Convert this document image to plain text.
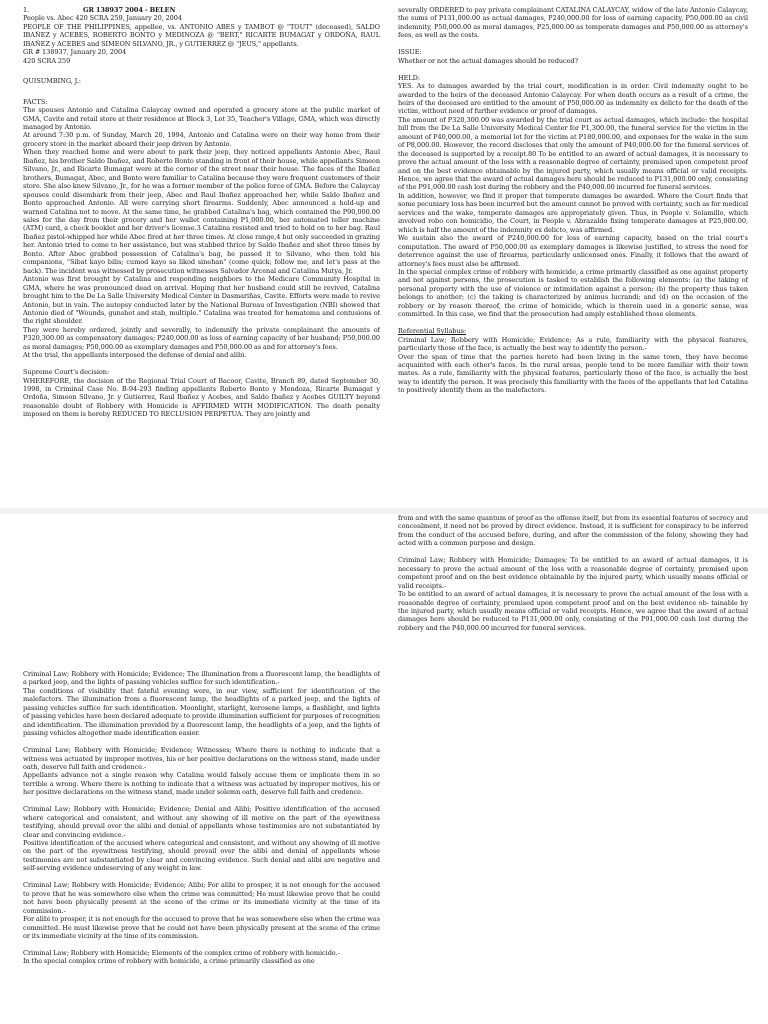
1.	GR 138937 2004 - BELEN

People vs. Abec 420 SCRA 259, January 20, 2004

PEOPLE OF THE PHILIPPINES, appellee, vs. ANTONIO ABES y TAMBOT @ "TOUT" (deceased), SALDO IBAÑEZ y ACEBES, ROBERTO BONTO y MEDINOZA @ "BERT," RICARTE BUMAGAT y ORDOÑA, RAUL IBAÑEZ y ACEBES and SIMEON SILVANO, JR., y GUTIERREZ @ "JEUS," appellants.

GR # 138937, January 20, 2004

420 SCRA 259

QUISUMBING, J.:

FACTS:

The spouses Antonio and Catalina Calaycay owned and operated a grocery store at the public market of GMA, Cavite and retail store at their residence at Block 3, Lot 35, Teacher's Village, GMA, which was directly managed by Antonio.

At around 7:30 p.m. of Sunday, March 20, 1994, Antonio and Catalina were on their way home from their grocery store in the market aboard their jeep driven by Antonio.

When they reached home and were about to park their jeep, they noticed appellants Antonio Abec, Raul Ibañez, his brother Saldo Ibañez, and Roberto Bonto standing in front of their house, while appellants Simeon Silvano, Jr., and Ricarte Bumagat were at the corner of the street near their house. The faces of the Ibañez brothers, Bumagat, Abec, and Bonto were familiar to Catalina because they were frequent customers of their store. She also knew Silvano, Jr., for he was a former member of the police force of GMA. Before the Calaycay spouses could disembark from their jeep, Abec and Raul Ibañez approached her, while Saldo Ibañez and Bonto approached Antonio. All were carrying short firearms. Suddenly, Abec announced a hold-up and warned Catalina not to move. At the same time, he grabbed Catalina's bag, which contained the P90,000.00 sales for the day from their grocery and her wallet containing P1,000.00, her automated teller machine (ATM) card, a check booklet and her driver's license.3 Catalina resisted and tried to hold on to her bag. Raul Ibañez pistol-whipped her while Abec fired at her three times. At close range,4 but only succeeded in grazing her. Antonio tried to come to her assistance, but was stabbed thrice by Saldo Ibañez and shot three times by Bonto. After Abec grabbed possession of Catalina's bag, he passed it to Silvano, who then told his companions, "Sibat kayo bilis; cumod kayo sa likod sinehan" (come quick; follow me, and let's pass at the back). The incident was witnessed by prosecution witnesses Salvador Arcenal and Catalina Mutya, Jr.

Antonio was first brought by Catalina and responding neighbors to the Medicare Community Hospital in GMA, where he was pronounced dead on arrival. Hoping that her husband could still be revived, Catalina brought him to the De La Salle University Medical Center in Dasmariñas, Cavite. Efforts were made to revive Antonio, but in vain. The autopsy conducted later by the National Bureau of Investigation (NBI) showed that Antonio died of "Wounds, gunshot and stab, multiple." Catalina was treated for hematoma and contusions of the right shoulder.

They were hereby ordered, jointly and severally, to indemnify the private complainant the amounts of P320,300.00 as compensatory damages; P240,000.00 as loss of earning capacity of her husband; P50,000.00 as moral damages; P50,000.00 as exemplary damages and P50,000.00 as and for attorney's fees.

At the trial, the appellants interposed the defense of denial and alibi.

Supreme Court's decision:

WHEREFORE, the decision of the Regional Trial Court of Bacoor, Cavite, Branch 89, dated September 30, 1998, in Criminal Case No. B-94-293 finding appellants Roberto Bonto y Mendoza, Ricarte Bumagat y Ordoña, Simeon Silvano, Jr. y Gutierrez, Raul Ibañez y Acebes, and Saldo Ibañez y Acebes GUILTY beyond reasonable doubt of Robbery with Homicide is AFFIRMED WITH MODIFICATION. The death penalty imposed on them is hereby REDUCED TO RECLUSION PERPETUA. They are jointly and

severally ORDERED to pay private complainant CATALINA CALAYCAY, widow of the late Antonio Calaycay, the sums of P131,000.00 as actual damages, P240,000.00 for loss of earning capacity, P50,000.00 as civil indemnity, P50,000.00 as moral damages, P25,000.00 as temperate damages and P50,000.00 as attorney's fees, as well as the costs.

ISSUE:

Whether or not the actual damages should be reduced?

HELD:

YES. As to damages awarded by the trial court, modification is in order. Civil indemnity ought to be awarded to the heirs of the deceased Antonio Calaycay. For when death occurs as a result of a crime, the heirs of the deceased are entitled to the amount of P50,000.00 as indemnity ex delicto for the death of the victim, without need of further evidence or proof of damages.

The amount of P320,300.00 was awarded by the trial court as actual damages, which include: the hospital bill from the De La Salle University Medical Center for P1,300.00, the funeral service for the victim in the amount of P40,000.00, a memorial lot for the victim at P180,000.00, and expenses for the wake in the sum of P8,000.00. However, the record discloses that only the amount of P40,000.00 for the funeral services of the deceased is supported by a receipt.80 To be entitled to an award of actual damages, it is necessary to prove the actual amount of the loss with a reasonable degree of certainty, premised upon competent proof and on the best evidence obtainable by the injured party, which usually means official or valid receipts. Hence, we agree that the award of actual damages here should be reduced to P131,000.00 only, consisting of the P91,000.00 cash lost during the robbery and the P40,000.00 incurred for funeral services.

In addition, however, we find it proper that temperate damages be awarded. Where the Court finds that some pecuniary loss has been incurred but the amount cannot be proved with certainty, such as for medical services and the wake, temperate damages are appropriately given. Thus, in People v. Solamillo, which involved robo con homicidio, the Court, in People v. Abrazaldo fixing temperate damages at P25,000.00, which is half the amount of the indemnity ex delicto, was affirmed.

We sustain also the award of P240,000.00 for loss of earning capacity, based on the trial court's computation. The award of P50,000.00 as exemplary damages is likewise justified, to stress the need for deterrence against the use of firearms, particularly unlicensed ones. Finally, it follows that the award of attorney's fees must also be affirmed.

In the special complex crime of robbery with homicide, a crime primarily classified as one against property and not against persons, the prosecution is tasked to establish the following elements: (a) the taking of personal property with the use of violence or intimidation against a person; (b) the property thus taken belongs to another; (c) the taking is characterized by animus lucrandi; and (d) on the occasion of the robbery or by reason thereof, the crime of homicide, which is therein used in a generic sense, was committed. In this case, we find that the prosecution had amply established those elements.

Referential Syllabus:

Criminal Law; Robbery with Homicide; Evidence; As a rule, familiarity with the physical features, particularly those of the face, is actually the best way to identify the person.-

Over the span of time that the parties hereto had been living in the same town, they have become acquainted with each other's faces. In the rural areas, people tend to be more familiar with their town mates. As a rule, familiarity with the physical features, particularly those of the face, is actually the best way to identify the person. It was precisely this familiarity with the faces of the appellants that led Catalina to positively identify them as the malefactors.

Criminal Law; Robbery with Homicide; Evidence; The illumination from a fluorescent lamp, the headlights of a parked jeep, and the lights of passing vehicles suffice for such identification.-

The conditions of visibility that fateful evening were, in our view, sufficient for identification of the malefactors. The illumination from a fluorescent lamp, the headlights of a parked jeep, and the lights of passing vehicles suffice for such identification. Moonlight, starlight, kerosene lamps, a flashlight, and lights of passing vehicles have been declared adequate to provide illumination sufficient for purposes of recognition and identification. The illumination provided by a fluorescent lamp, the headlights of a jeep, and the lights of passing vehicles altogether made identification easier.

Criminal Law; Robbery with Homicide; Evidence; Witnesses; Where there is nothing to indicate that a witness was actuated by improper motives, his or her positive declarations on the witness stand, made under oath, deserve full faith and credence.-

Appellants advance not a single reason why Catalina would falsely accuse them or implicate them in so terrible a wrong. Where there is nothing to indicate that a witness was actuated by improper motives, his or her positive declarations on the witness stand, made under solemn oath, deserve full faith and credence.

Criminal Law; Robbery with Homicide; Evidence; Denial and Alibi; Positive identification of the accused where categorical and consistent, and without any showing of ill motive on the part of the eyewitness testifying, should prevail over the alibi and denial of appellants whose testimonies are not substantiated by clear and convincing evidence.-

Positive identification of the accused where categorical and consistent, and without any showing of ill motive on the part of the eyewitness testifying, should prevail over the alibi and denial of appellants whose testimonies are not substantiated by clear and convincing evidence. Such denial and alibi are negative and self-serving evidence undeserving of any weight in law.

Criminal Law; Robbery with Homicide; Evidence; Alibi; For alibi to prosper, it is not enough for the accused to prove that he was somewhere else when the crime was committed; He must likewise prove that he could not have been physically present at the scene of the crime or its immediate vicinity at the time of its commission.-

For alibi to prosper, it is not enough for the accused to prove that he was somewhere else when the crime was committed. He must likewise prove that he could not have been physically present at the scene of the crime or its immediate vicinity at the time of its commission.

Criminal Law; Robbery with Homicide; Elements of the complex crime of robbery with homicide.-

In the special complex crime of robbery with homicide, a crime primarily classified as one

from and with the same quantum of proof as the offense itself, but from its essential features of secrecy and concealment, it need not be proved by direct evidence. Instead, it is sufficient for conspiracy to be inferred from the conduct of the accused before, during, and after the commission of the felony, showing they had acted with a common purpose and design.

Criminal Law; Robbery with Homicide; Damages; To be entitled to an award of actual damages, it is necessary to prove the actual amount of the loss with a reasonable degree of certainty, premised upon competent proof and on the best evidence obtainable by the injured party, which usually means official or valid receipts.-

To be entitled to an award of actual damages, it is necessary to prove the actual amount of the loss with a reasonable degree of certainty, premised upon competent proof and on the best evidence ob- tainable by the injured party, which usually means official or valid receipts. Hence, we agree that the award of actual damages here should be reduced to P131,000.00 only, consisting of the P91,000.00 cash lost during the robbery and the P40,000.00 incurred for funeral services.
